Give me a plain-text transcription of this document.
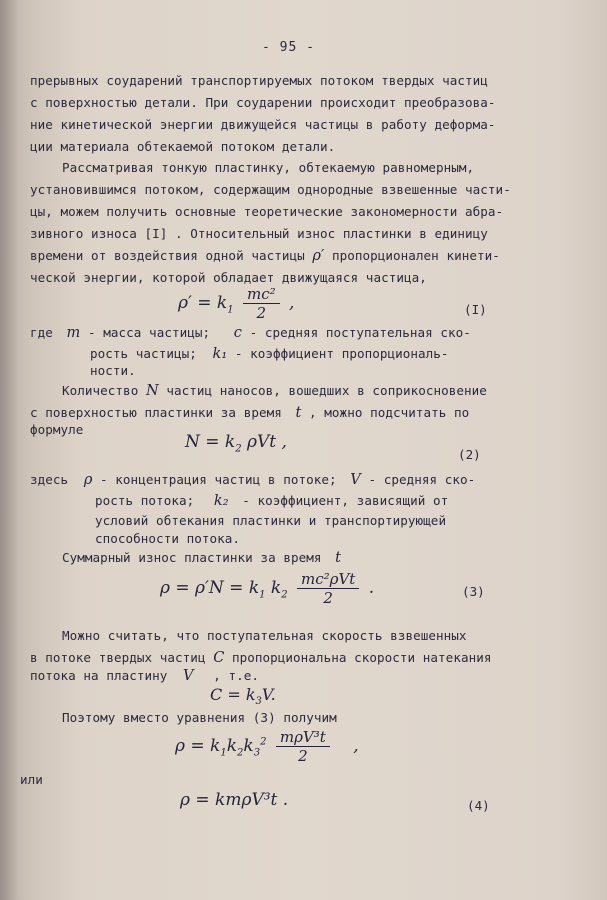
- 95 -
прерывных соударений транспортируемых потоком твердых частиц
с поверхностью детали. При соударении происходит преобразова-
ние кинетической энергии движущейся частицы в работу деформа-
ции материала обтекаемой потоком детали.
Рассматривая тонкую пластинку, обтекаемую равномерным,
установившимся потоком, содержащим однородные взвешенные части-
цы, можем получить основные теоретические закономерности абра-
зивного износа [I] . Относительный износ пластинки в единицу
времени от воздействия одной частицы ρ′ пропорционален кинети-
ческой энергии, которой обладает движущаяся частица,
$\rho' = k_1 \frac{\text{mc²}}{2}$ ,	(I)
где m - масса частицы; c - средняя поступательная ско-
рость частицы; k₁ - коэффициент пропорциональ-
ности.
Количество N частиц наносов, вошедших в соприкосновение
с поверхностью пластинки за время t , можно подсчитать по
формуле
$N = k_2$ ρVt ,
(2)
здесь ρ - концентрация частиц в потоке; V - средняя ско-
рость потока; k₂ - коэффициент, зависящий от
условий обтекания пластинки и транспортирующей
способности потока.
Суммарный износ пластинки за время t
$\rho = \rho'N = k_1$ $k_2 \frac{\text{mc²ρVt}}{2}$ .	(3)
Можно считать, что поступательная скорость взвешенных
в потоке твердых частиц C пропорциональна скорости натекания
потока на пластину V , т.е.
$C = k_3V$.
Поэтому вместо уравнения (3) получим
$\rho = k_1k_2k_3^2 \frac{\text{mρV³t}}{2}$ ,
или
ρ = kmρV³t .	(4)
